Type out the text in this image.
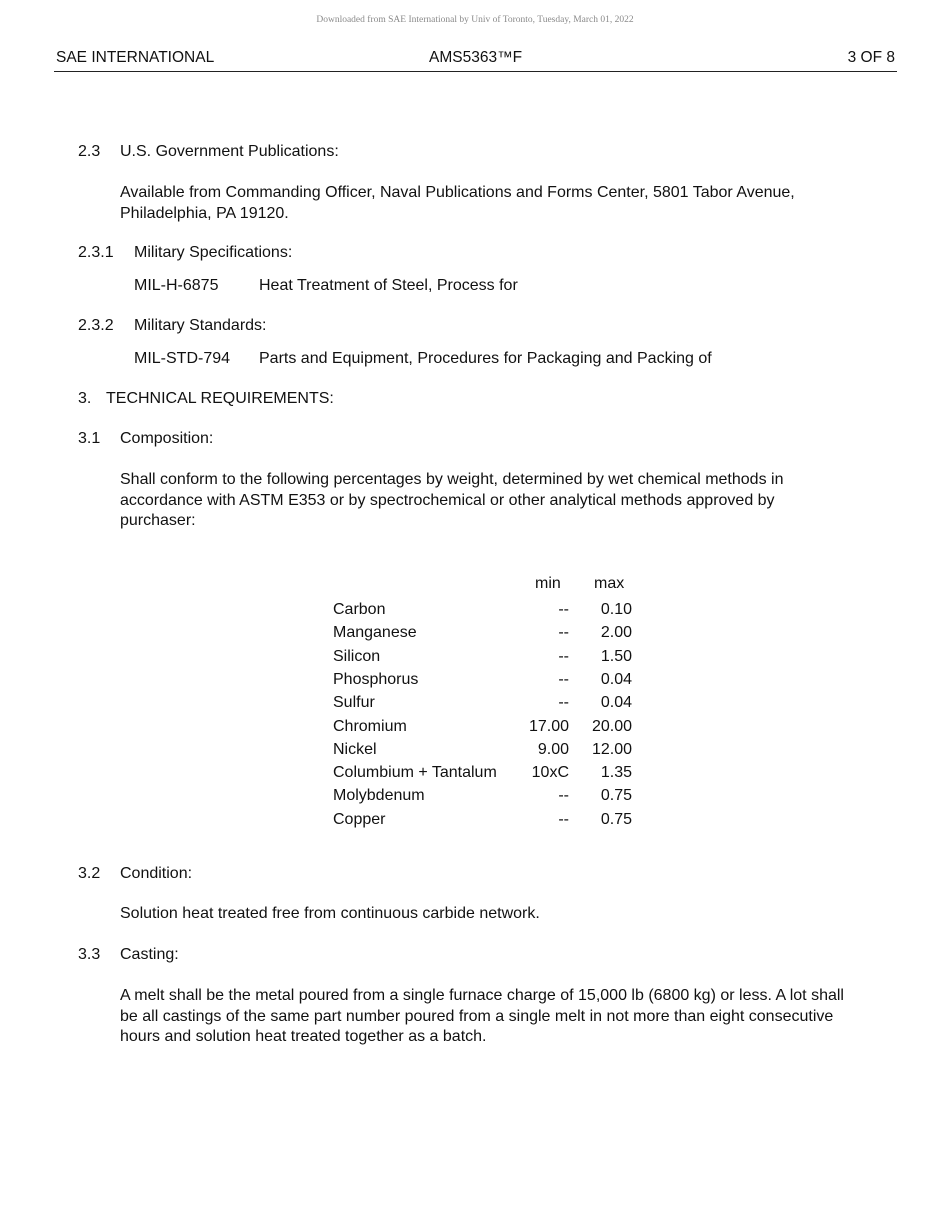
Downloaded from SAE International by Univ of Toronto, Tuesday, March 01, 2022
SAE INTERNATIONAL	AMS5363™F	3 OF 8
2.3 U.S. Government Publications:
Available from Commanding Officer, Naval Publications and Forms Center, 5801 Tabor Avenue, Philadelphia, PA 19120.
2.3.1 Military Specifications:
MIL-H-6875	Heat Treatment of Steel, Process for
2.3.2 Military Standards:
MIL-STD-794 Parts and Equipment, Procedures for Packaging and Packing of
3. TECHNICAL REQUIREMENTS:
3.1 Composition:
Shall conform to the following percentages by weight, determined by wet chemical methods in accordance with ASTM E353 or by spectrochemical or other analytical methods approved by purchaser:
min max
Carbon	--	0.10
Manganese	--	2.00
Silicon	--	1.50
Phosphorus	--	0.04
Sulfur	--	0.04
Chromium	17.00	20.00
Nickel	9.00	12.00
Columbium + Tantalum	10xC	1.35
Molybdenum	--	0.75
Copper	--	0.75
3.2 Condition:
Solution heat treated free from continuous carbide network.
3.3 Casting:
A melt shall be the metal poured from a single furnace charge of 15,000 lb (6800 kg) or less. A lot shall be all castings of the same part number poured from a single melt in not more than eight consecutive hours and solution heat treated together as a batch.
